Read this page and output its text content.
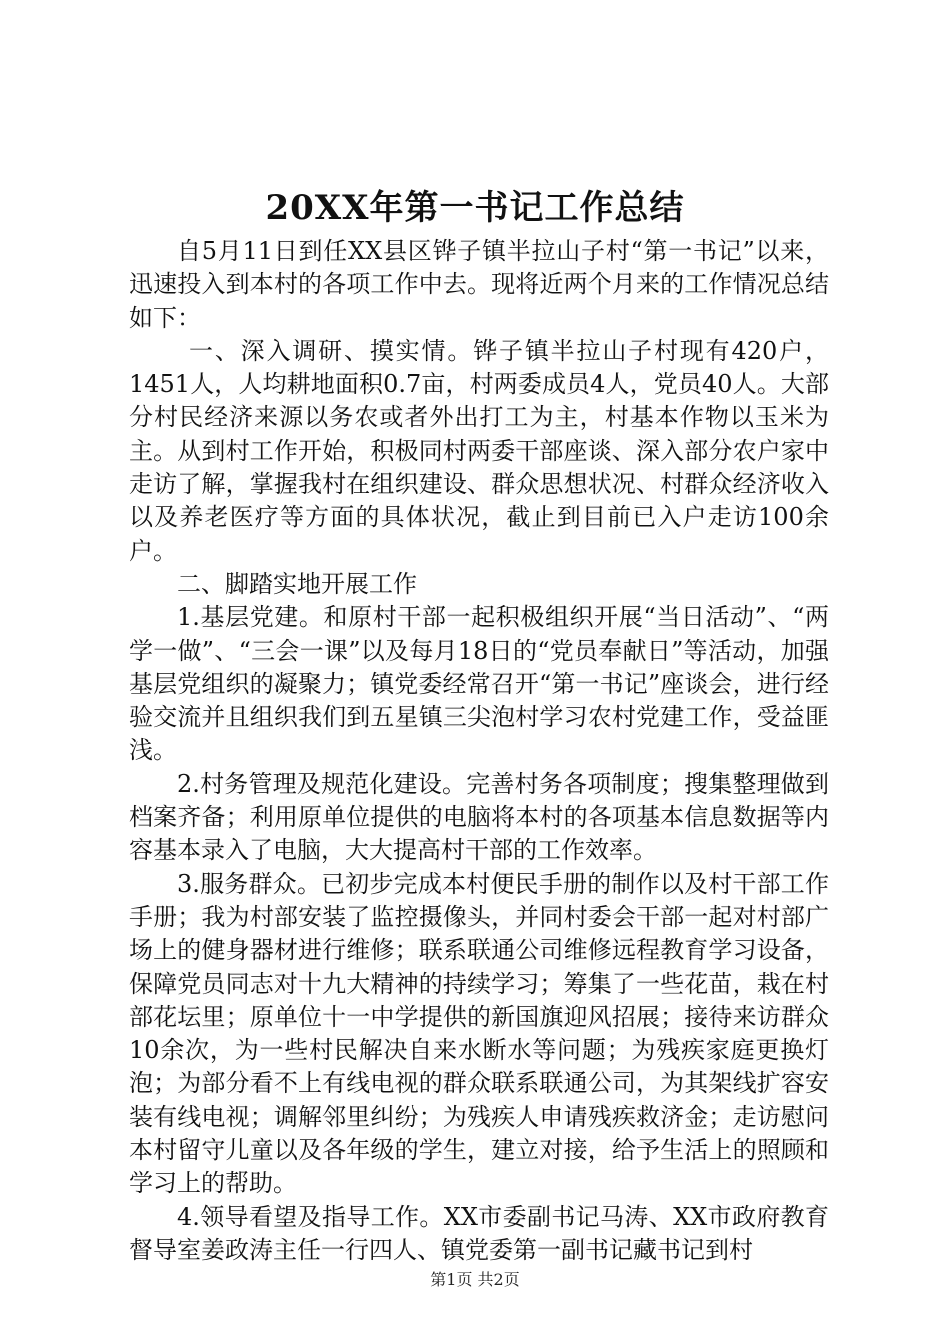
20XX年第一书记工作总结

自5月11日到任XX县区铧子镇半拉山子村“第一书记”以来，迅速投入到本村的各项工作中去。现将近两个月来的工作情况总结如下：

一、深入调研、摸实情。铧子镇半拉山子村现有420户，1451人，人均耕地面积0.7亩，村两委成员4人，党员40人。大部分村民经济来源以务农或者外出打工为主，村基本作物以玉米为主。从到村工作开始，积极同村两委干部座谈、深入部分农户家中走访了解，掌握我村在组织建设、群众思想状况、村群众经济收入以及养老医疗等方面的具体状况，截止到目前已入户走访100余户。

二、脚踏实地开展工作

1.基层党建。和原村干部一起积极组织开展“当日活动”、“两学一做”、“三会一课”以及每月18日的“党员奉献日”等活动，加强基层党组织的凝聚力；镇党委经常召开“第一书记”座谈会，进行经验交流并且组织我们到五星镇三尖泡村学习农村党建工作，受益匪浅。

2.村务管理及规范化建设。完善村务各项制度；搜集整理做到档案齐备；利用原单位提供的电脑将本村的各项基本信息数据等内容基本录入了电脑，大大提高村干部的工作效率。

3.服务群众。已初步完成本村便民手册的制作以及村干部工作手册；我为村部安装了监控摄像头，并同村委会干部一起对村部广场上的健身器材进行维修；联系联通公司维修远程教育学习设备，保障党员同志对十九大精神的持续学习；筹集了一些花苗，栽在村部花坛里；原单位十一中学提供的新国旗迎风招展；接待来访群众10余次，为一些村民解决自来水断水等问题；为残疾家庭更换灯泡；为部分看不上有线电视的群众联系联通公司，为其架线扩容安装有线电视；调解邻里纠纷；为残疾人申请残疾救济金；走访慰问本村留守儿童以及各年级的学生，建立对接，给予生活上的照顾和学习上的帮助。

4.领导看望及指导工作。XX市委副书记马涛、XX市政府教育督导室姜政涛主任一行四人、镇党委第一副书记藏书记到村

第1页 共2页
